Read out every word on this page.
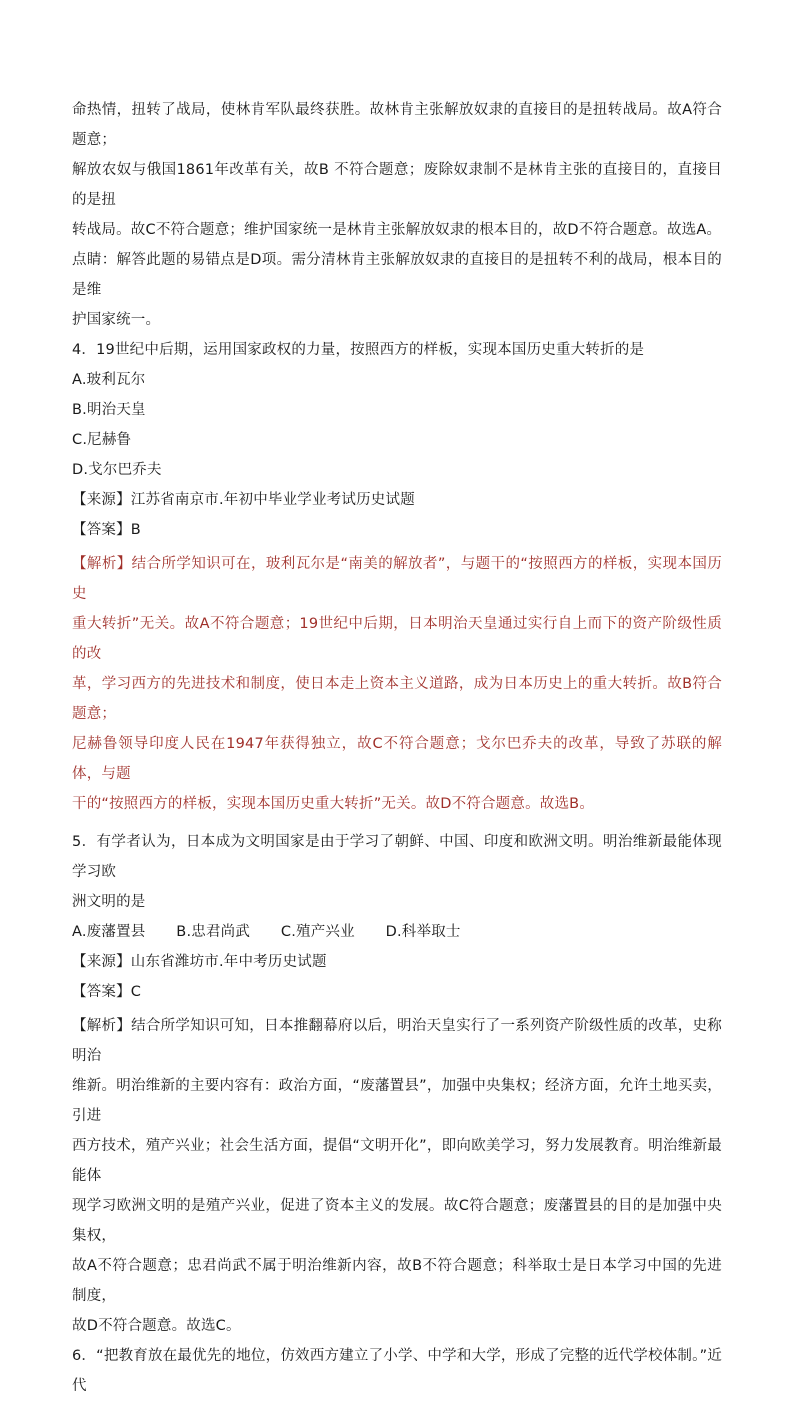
命热情，扭转了战局，使林肯军队最终获胜。故林肯主张解放奴隶的直接目的是扭转战局。故A符合题意；

解放农奴与俄国1861年改革有关，故B 不符合题意；废除奴隶制不是林肯主张的直接目的，直接目的是扭

转战局。故C不符合题意；维护国家统一是林肯主张解放奴隶的根本目的，故D不符合题意。故选A。

点睛：解答此题的易错点是D项。需分清林肯主张解放奴隶的直接目的是扭转不利的战局，根本目的是维

护国家统一。

4．19世纪中后期，运用国家政权的力量，按照西方的样板，实现本国历史重大转折的是

A.玻利瓦尔

B.明治天皇

C.尼赫鲁

D.戈尔巴乔夫

【来源】江苏省南京市.年初中毕业学业考试历史试题

【答案】B

【解析】结合所学知识可在，玻利瓦尔是“南美的解放者”，与题干的“按照西方的样板，实现本国历史

重大转折”无关。故A不符合题意；19世纪中后期，日本明治天皇通过实行自上而下的资产阶级性质的改

革，学习西方的先进技术和制度，使日本走上资本主义道路，成为日本历史上的重大转折。故B符合题意；

尼赫鲁领导印度人民在1947年获得独立，故C不符合题意；戈尔巴乔夫的改革，导致了苏联的解体，与题

干的“按照西方的样板，实现本国历史重大转折”无关。故D不符合题意。故选B。

5．有学者认为，日本成为文明国家是由于学习了朝鲜、中国、印度和欧洲文明。明治维新最能体现学习欧

洲文明的是

A.废藩置县 B.忠君尚武 C.殖产兴业 D.科举取士

【来源】山东省潍坊市.年中考历史试题

【答案】C

【解析】结合所学知识可知，日本推翻幕府以后，明治天皇实行了一系列资产阶级性质的改革，史称明治

维新。明治维新的主要内容有：政治方面，“废藩置县”，加强中央集权；经济方面，允许土地买卖，引进

西方技术，殖产兴业；社会生活方面，提倡“文明开化”，即向欧美学习，努力发展教育。明治维新最能体

现学习欧洲文明的是殖产兴业，促进了资本主义的发展。故C符合题意；废藩置县的目的是加强中央集权，

故A不符合题意；忠君尚武不属于明治维新内容，故B不符合题意；科举取士是日本学习中国的先进制度，

故D不符合题意。故选C。

6．“把教育放在最优先的地位，仿效西方建立了小学、中学和大学，形成了完整的近代学校体制。”近代
